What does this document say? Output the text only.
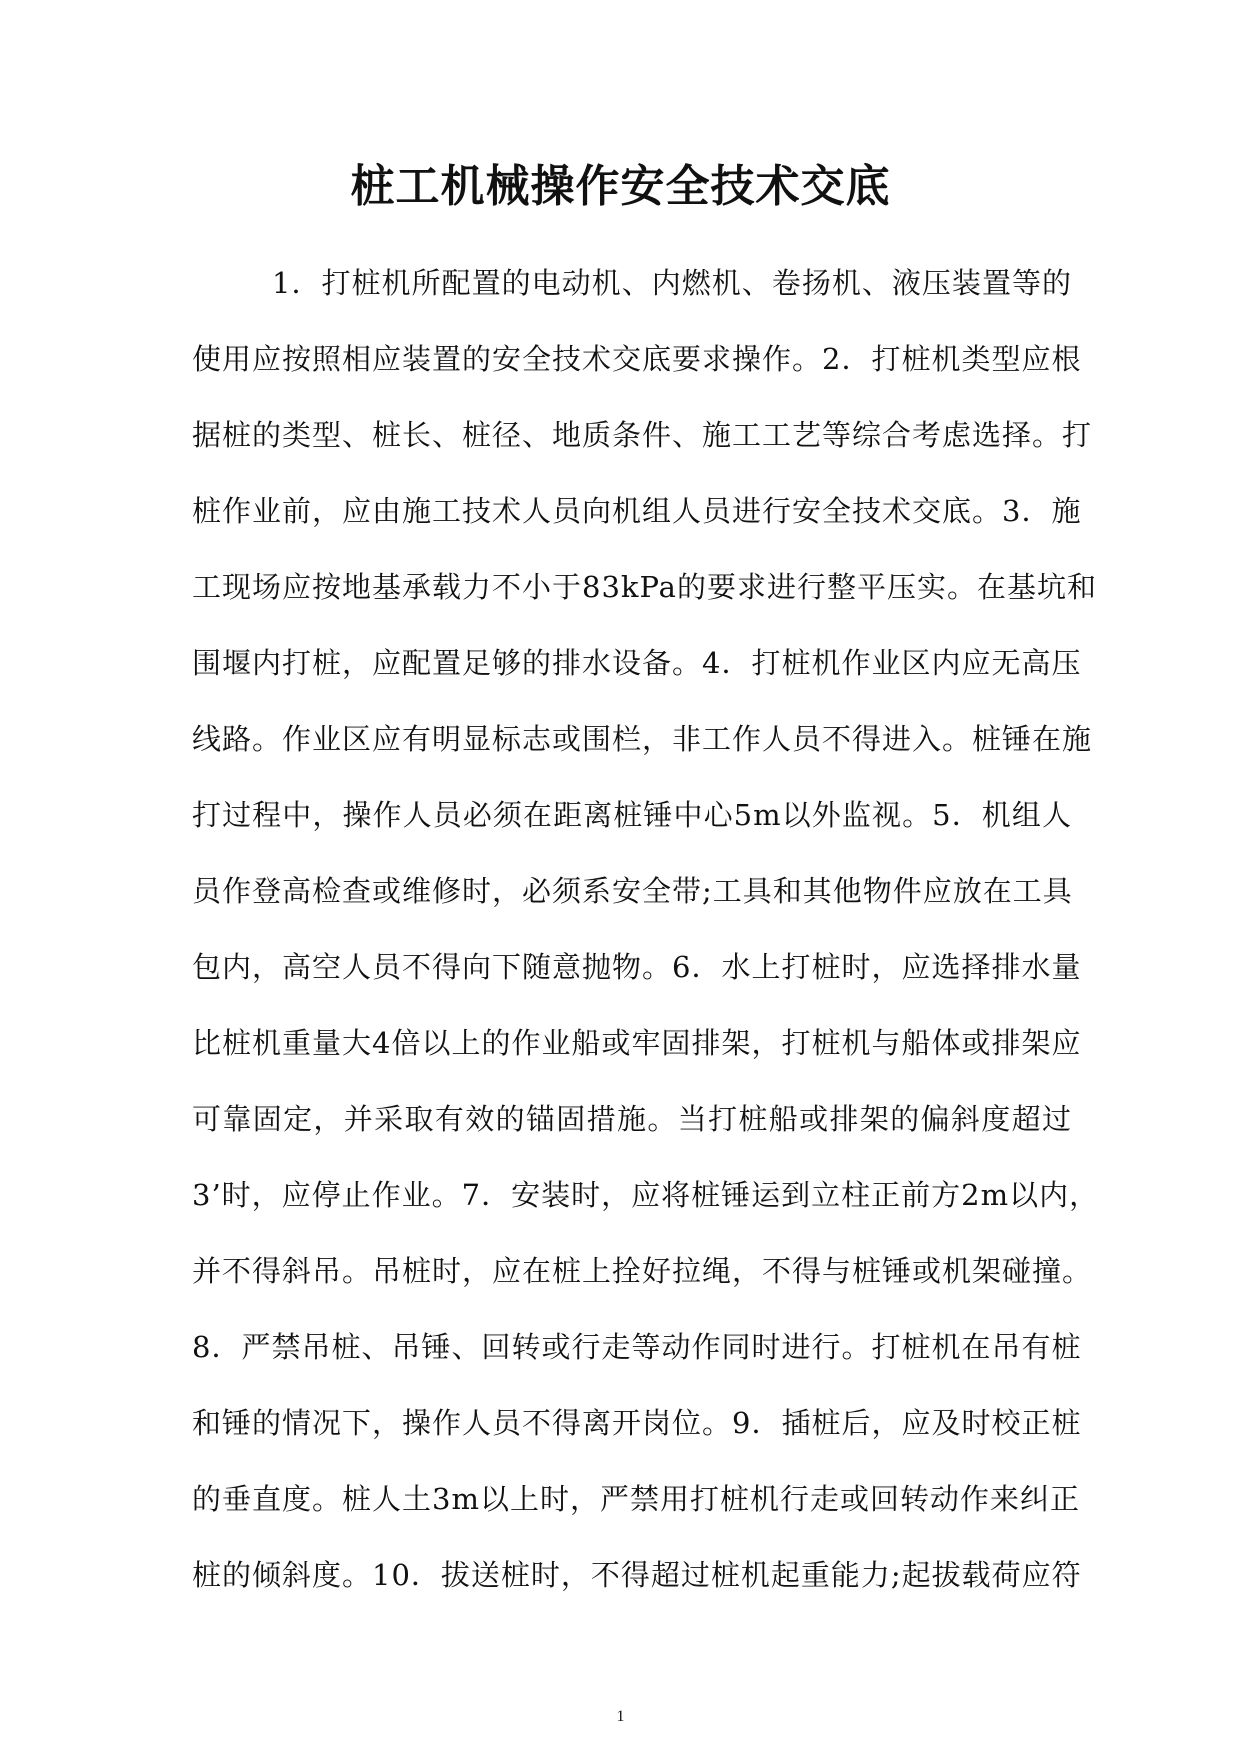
桩工机械操作安全技术交底
1．打桩机所配置的电动机、内燃机、卷扬机、液压装置等的
使用应按照相应装置的安全技术交底要求操作。2．打桩机类型应根
据桩的类型、桩长、桩径、地质条件、施工工艺等综合考虑选择。打
桩作业前，应由施工技术人员向机组人员进行安全技术交底。3．施
工现场应按地基承载力不小于83kPa的要求进行整平压实。在基坑和
围堰内打桩，应配置足够的排水设备。4．打桩机作业区内应无高压
线路。作业区应有明显标志或围栏，非工作人员不得进入。桩锤在施
打过程中，操作人员必须在距离桩锤中心5m以外监视。5．机组人
员作登高检查或维修时，必须系安全带;工具和其他物件应放在工具
包内，高空人员不得向下随意抛物。6．水上打桩时，应选择排水量
比桩机重量大4倍以上的作业船或牢固排架，打桩机与船体或排架应
可靠固定，并采取有效的锚固措施。当打桩船或排架的偏斜度超过
3’时，应停止作业。7．安装时，应将桩锤运到立柱正前方2m以内，
并不得斜吊。吊桩时，应在桩上拴好拉绳，不得与桩锤或机架碰撞。
8．严禁吊桩、吊锤、回转或行走等动作同时进行。打桩机在吊有桩
和锤的情况下，操作人员不得离开岗位。9．插桩后，应及时校正桩
的垂直度。桩人土3m以上时，严禁用打桩机行走或回转动作来纠正
桩的倾斜度。10．拔送桩时，不得超过桩机起重能力;起拔载荷应符
1
